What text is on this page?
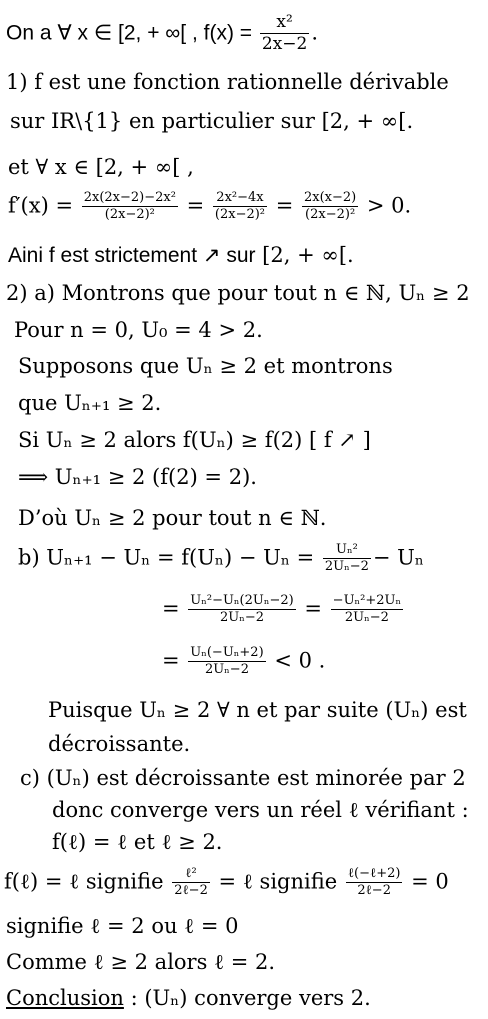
On a ∀ x ∈ [2, + ∞[ , $f(x) = \frac{\text{x²}}{2x-2}$ .
1) f est une fonction rationnelle dérivable
sur IR\{1} en particulier sur [2, + ∞[.
et ∀ x ∈ [2, + ∞[ ,
$f'(x) = \frac{\text{2x(2x−2)−2x²}}{\text{(2x−2)²}} = \frac{\text{2x²−4x}}{\text{(2x−2)²}} = \frac{2x(x-2)}{\text{(2x−2)²}} > 0$.
Aini f est strictement ↗ sur [2, + ∞[.
2) a) Montrons que pour tout n ∈ ℕ, Uₙ ≥ 2
Pour n = 0, U₀ = 4 > 2.
Supposons que Uₙ ≥ 2 et montrons
que Uₙ₊₁ ≥ 2.
Si Uₙ ≥ 2 alors f(Uₙ) ≥ f(2) [ f ↗ ]
⟹ Uₙ₊₁ ≥ 2 (f(2) = 2).
D’où Uₙ ≥ 2 pour tout n ∈ ℕ.
b) $U_{n+1} - U_n = f(U_n) - U_n = \frac{\text{Uₙ²}}{\text{2Uₙ−2}} - U_n$
= $\frac{\text{Uₙ²−Uₙ(2Uₙ−2)}}{\text{2Uₙ−2}} = \frac{\text{−Uₙ²+2Uₙ}}{\text{2Uₙ−2}}$
= $\frac{\text{Uₙ(−Uₙ+2)}}{\text{2Uₙ−2}} < 0$ .
Puisque Uₙ ≥ 2 ∀ n et par suite (Uₙ) est
décroissante.
c) (Uₙ) est décroissante est minorée par 2
donc converge vers un réel ℓ vérifiant :
f(ℓ) = ℓ et ℓ ≥ 2.
f(ℓ) = ℓ signifie $\frac{\text{ℓ²}}{\text{2ℓ−2}}$ = ℓ signifie $\frac{\text{ℓ(−ℓ+2)}}{\text{2ℓ−2}} = 0$
signifie ℓ = 2 ou ℓ = 0
Comme ℓ ≥ 2 alors ℓ = 2.
Conclusion : (Uₙ) converge vers 2.
